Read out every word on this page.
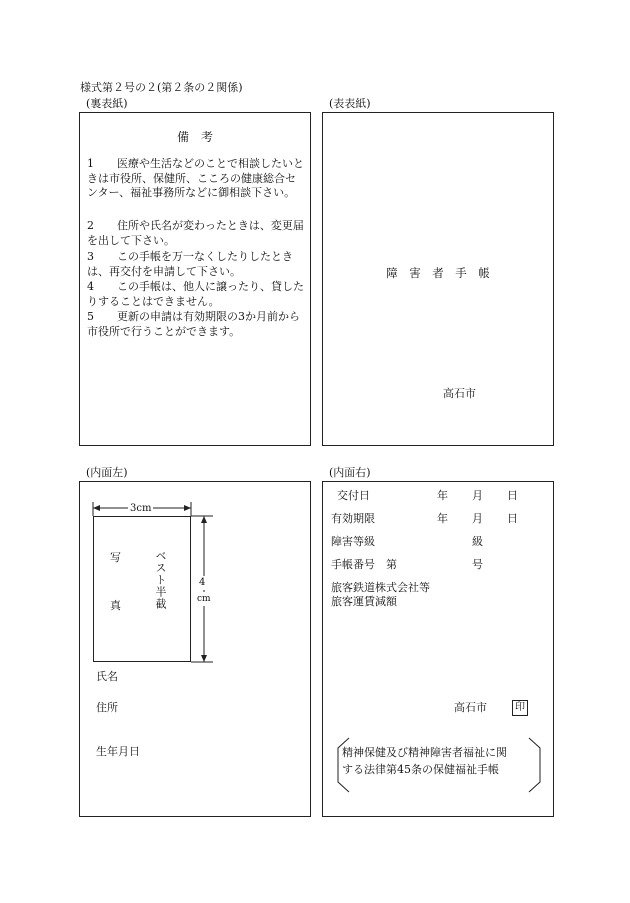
様式第２号の２(第２条の２関係)
(裏表紙)
備　考
1	医療や生活などのことで相談したいときは市役所、保健所、こころの健康総合センター、福祉事務所などに御相談下さい。
2	住所や氏名が変わったときは、変更届を出して下さい。
3	この手帳を万一なくしたりしたときは、再交付を申請して下さい。
4	この手帳は、他人に譲ったり、貸したりすることはできません。
5	更新の申請は有効期限の3か月前から市役所で行うことができます。
(表表紙)
障　害　者　手　帳
高石市
(内面左)
3cm
4
cm
写
真	ベスト半截
氏名
住所
生年月日
(内面右)
交付日	年 月 日
有効期限	年 月 日
障害等級	級
手帳番号　第	号
旅客鉄道株式会社等
旅客運賃減額
高石市	印
精神保健及び精神障害者福祉に関
する法律第45条の保健福祉手帳
